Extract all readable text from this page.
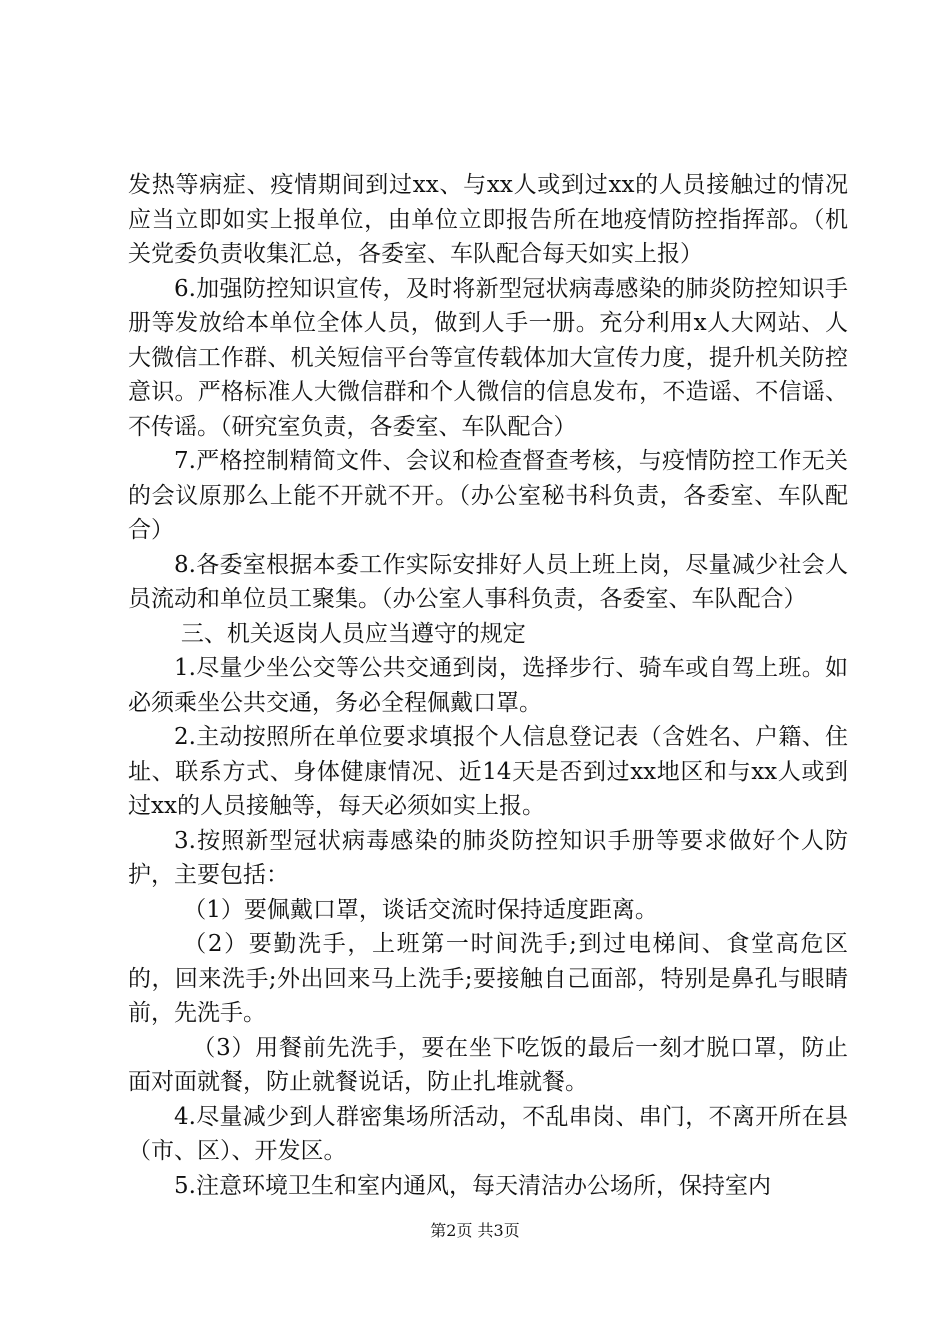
发热等病症、疫情期间到过xx、与xx人或到过xx的人员接触过的情况应当立即如实上报单位，由单位立即报告所在地疫情防控指挥部。（机关党委负责收集汇总，各委室、车队配合每天如实上报）

6.加强防控知识宣传，及时将新型冠状病毒感染的肺炎防控知识手册等发放给本单位全体人员，做到人手一册。充分利用x人大网站、人大微信工作群、机关短信平台等宣传载体加大宣传力度，提升机关防控意识。严格标准人大微信群和个人微信的信息发布，不造谣、不信谣、不传谣。（研究室负责，各委室、车队配合）

7.严格控制精简文件、会议和检查督查考核，与疫情防控工作无关的会议原那么上能不开就不开。（办公室秘书科负责，各委室、车队配合）

8.各委室根据本委工作实际安排好人员上班上岗，尽量减少社会人员流动和单位员工聚集。（办公室人事科负责，各委室、车队配合）

三、机关返岗人员应当遵守的规定

1.尽量少坐公交等公共交通到岗，选择步行、骑车或自驾上班。如必须乘坐公共交通，务必全程佩戴口罩。

2.主动按照所在单位要求填报个人信息登记表（含姓名、户籍、住址、联系方式、身体健康情况、近14天是否到过xx地区和与xx人或到过xx的人员接触等，每天必须如实上报。

3.按照新型冠状病毒感染的肺炎防控知识手册等要求做好个人防护，主要包括：

（1）要佩戴口罩，谈话交流时保持适度距离。

（2）要勤洗手，上班第一时间洗手;到过电梯间、食堂高危区的，回来洗手;外出回来马上洗手;要接触自己面部，特别是鼻孔与眼睛前，先洗手。

（3）用餐前先洗手，要在坐下吃饭的最后一刻才脱口罩，防止面对面就餐，防止就餐说话，防止扎堆就餐。

4.尽量减少到人群密集场所活动，不乱串岗、串门，不离开所在县（市、区）、开发区。

5.注意环境卫生和室内通风，每天清洁办公场所，保持室内

第2页 共3页
